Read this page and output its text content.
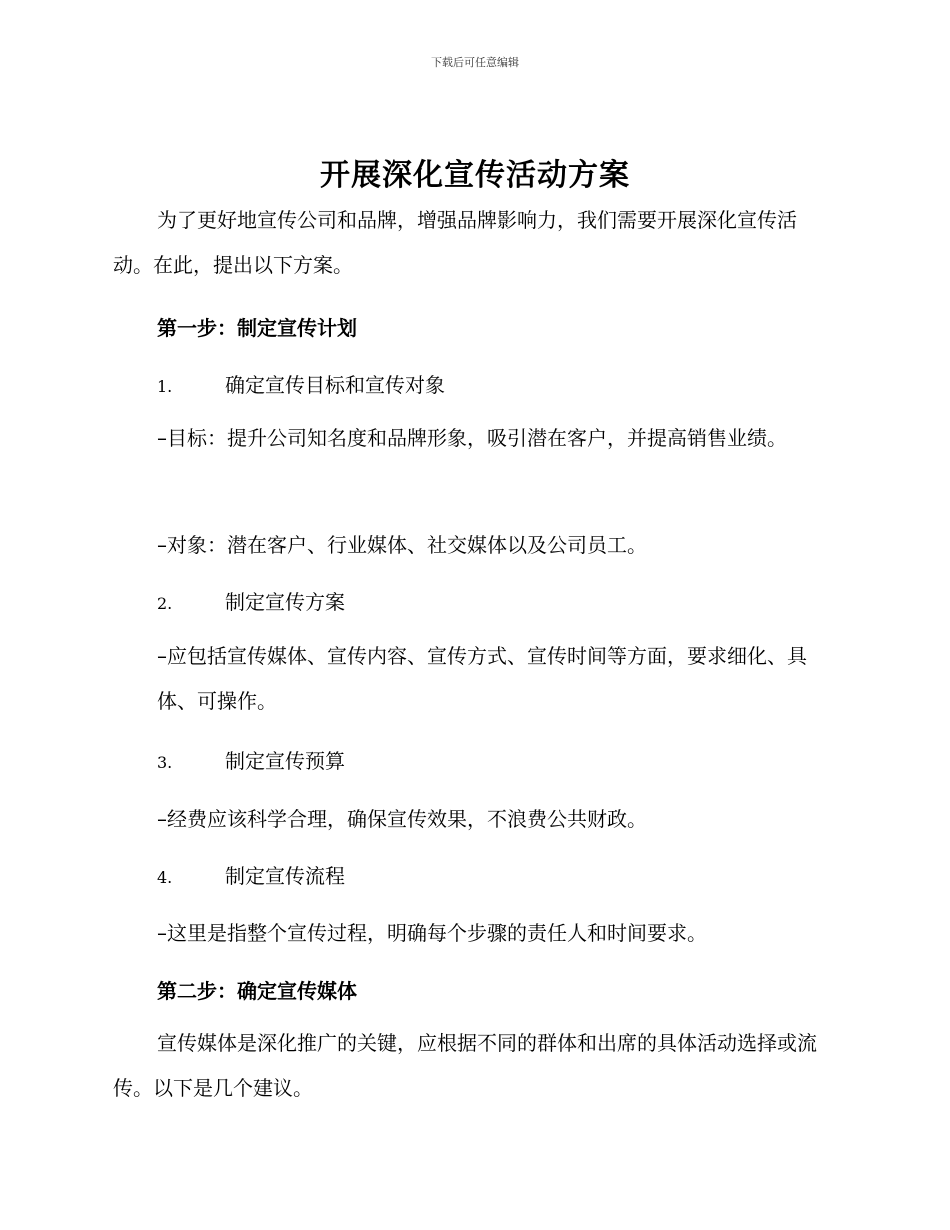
下载后可任意编辑
开展深化宣传活动方案
为了更好地宣传公司和品牌，增强品牌影响力，我们需要开展深化宣传活动。在此，提出以下方案。
第一步：制定宣传计划
1.	确定宣传目标和宣传对象
–目标：提升公司知名度和品牌形象，吸引潜在客户，并提高销售业绩。
–对象：潜在客户、行业媒体、社交媒体以及公司员工。
2.	制定宣传方案
–应包括宣传媒体、宣传内容、宣传方式、宣传时间等方面，要求细化、具体、可操作。
3.	制定宣传预算
–经费应该科学合理，确保宣传效果，不浪费公共财政。
4.	制定宣传流程
–这里是指整个宣传过程，明确每个步骤的责任人和时间要求。
第二步：确定宣传媒体
宣传媒体是深化推广的关键，应根据不同的群体和出席的具体活动选择或流传。以下是几个建议。
